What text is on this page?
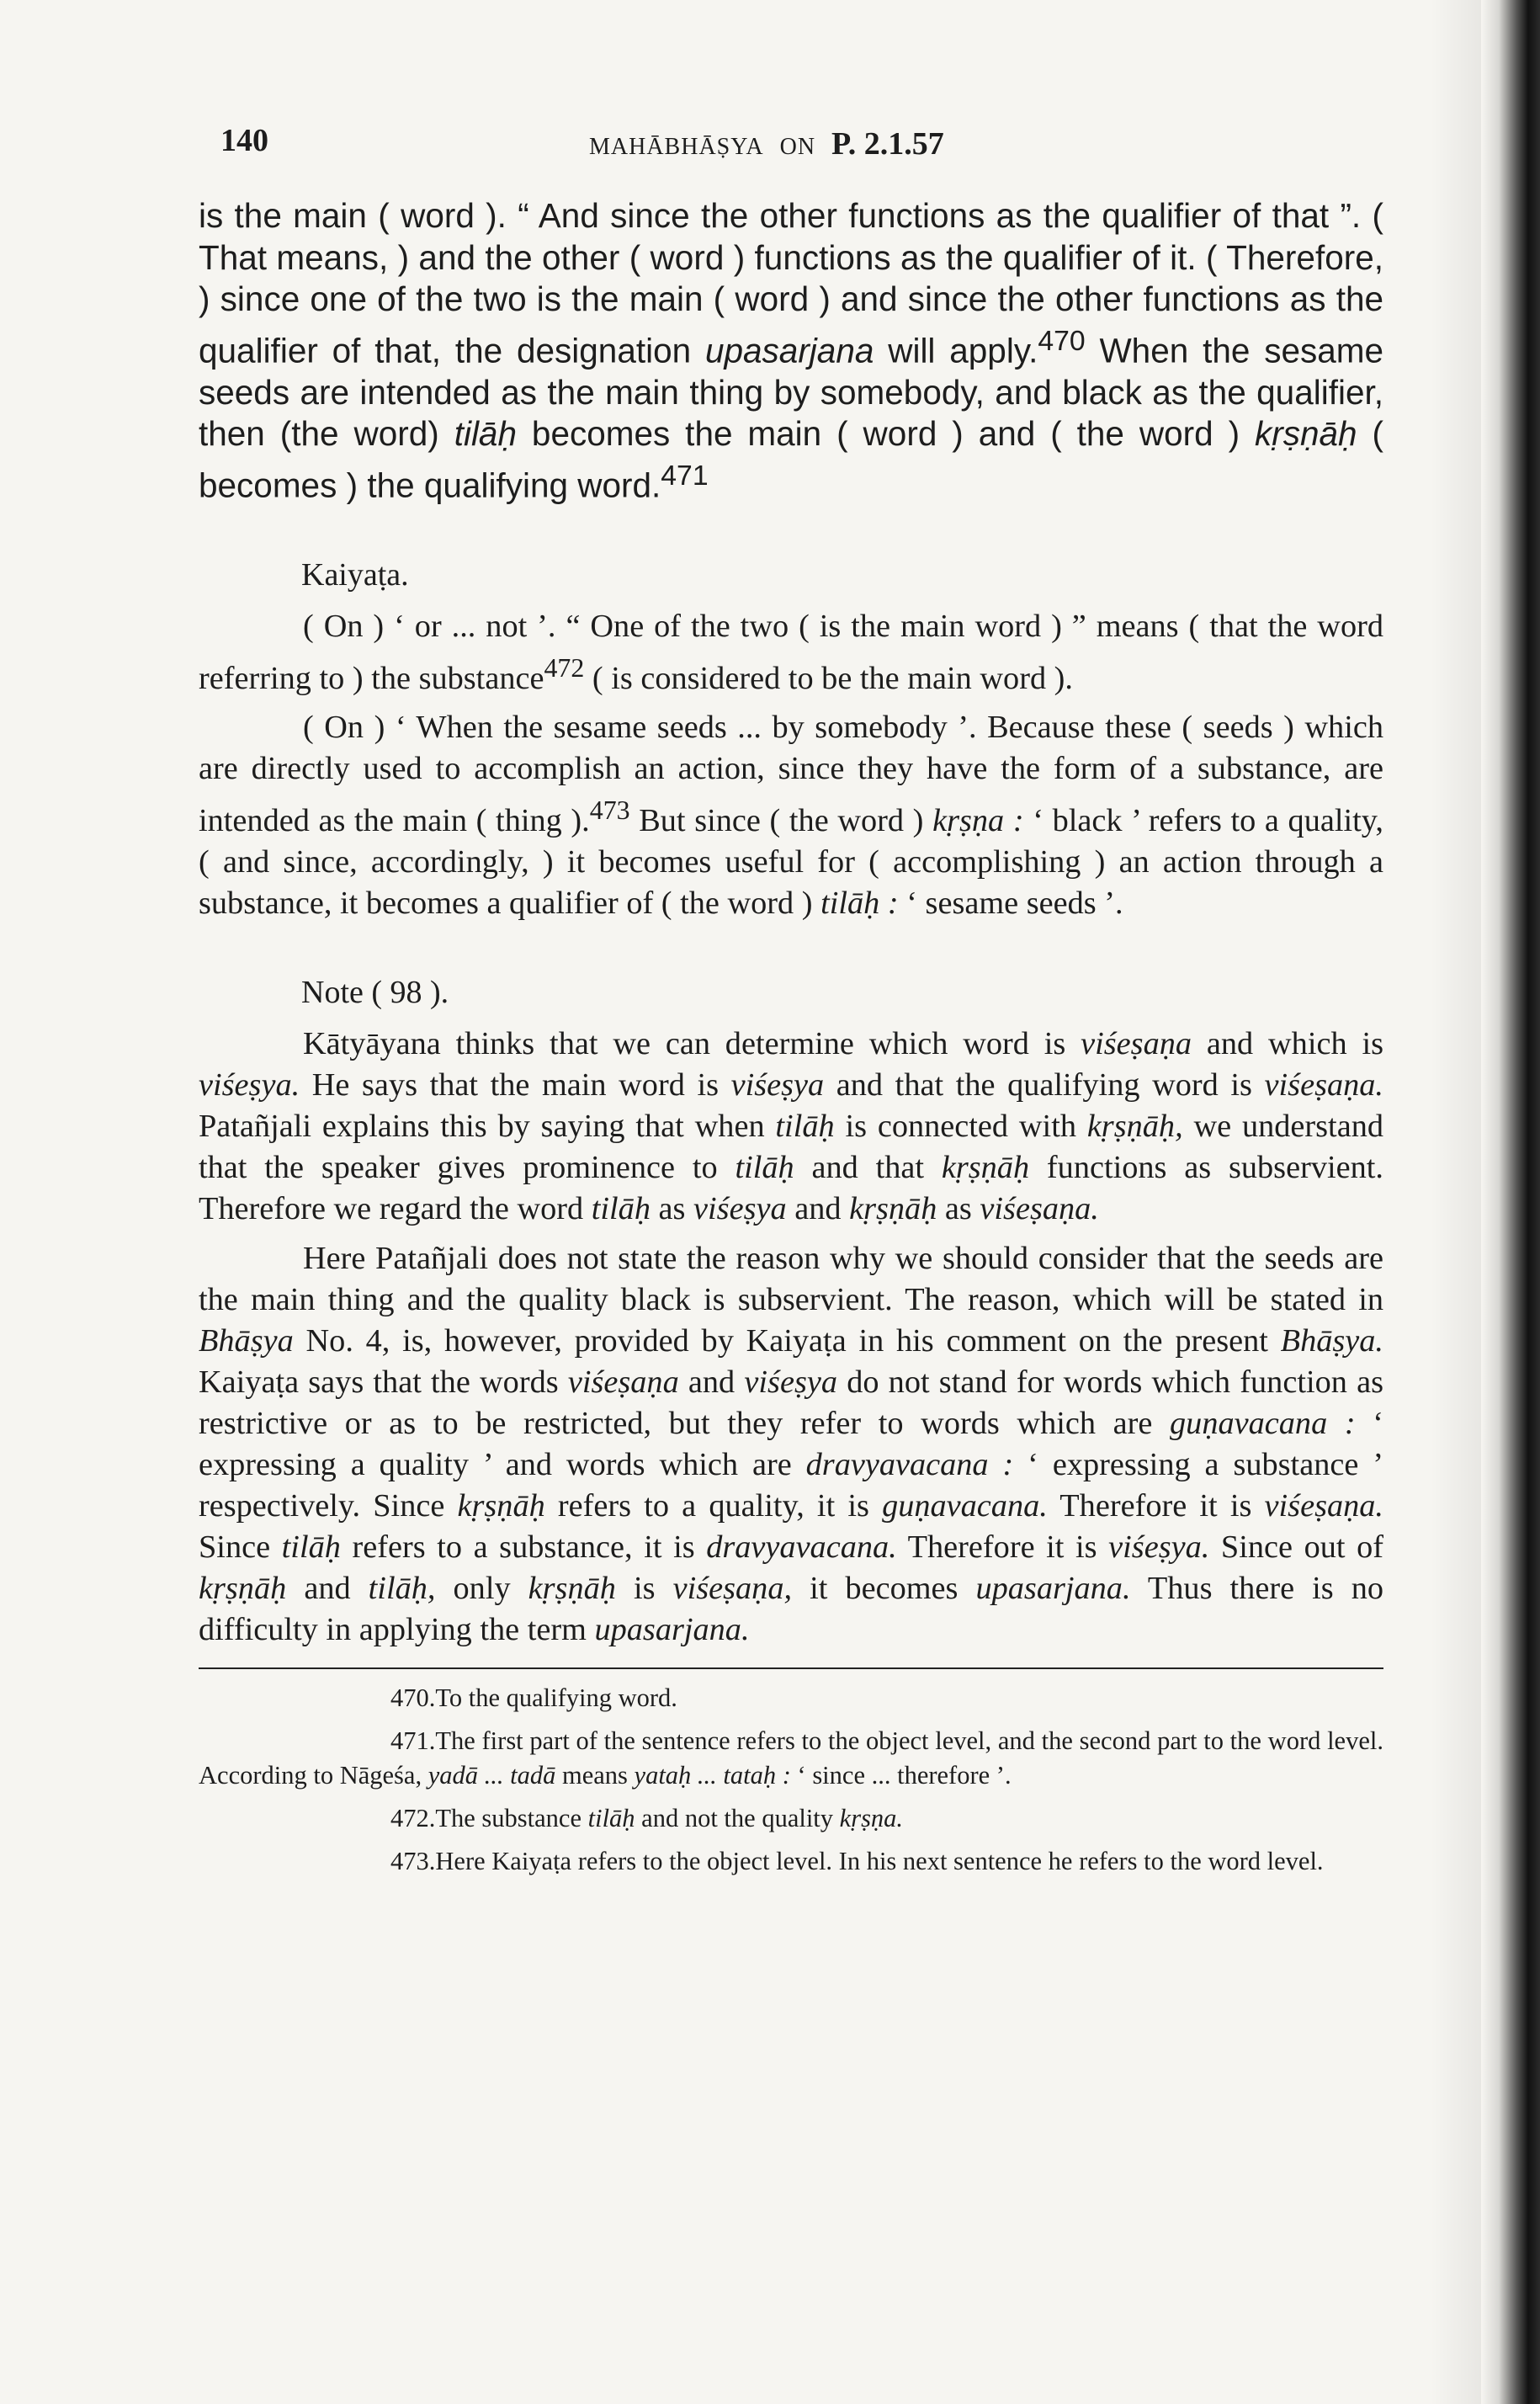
140	MAHĀBHĀṢYA ON P. 2.1.57

is the main ( word ). “ And since the other functions as the qualifier of that ”. ( That means, ) and the other ( word ) functions as the qualifier of it. ( Therefore, ) since one of the two is the main ( word ) and since the other functions as the qualifier of that, the designation upasarjana will apply.$^{470}$ When the sesame seeds are intended as the main thing by somebody, and black as the qualifier, then (the word) tilāḥ becomes the main ( word ) and ( the word ) kṛṣṇāḥ ( becomes ) the qualifying word.$^{471}$

Kaiyaṭa.

( On ) ‘ or ... not ’. “ One of the two ( is the main word ) ” means ( that the word referring to ) the substance$^{472}$ ( is considered to be the main word ).

( On ) ‘ When the sesame seeds ... by somebody ’. Because these ( seeds ) which are directly used to accomplish an action, since they have the form of a substance, are intended as the main ( thing ).$^{473}$ But since ( the word ) kṛṣṇa : ‘ black ’ refers to a quality, ( and since, accordingly, ) it becomes useful for ( accomplishing ) an action through a substance, it becomes a qualifier of ( the word ) tilāḥ : ‘ sesame seeds ’.

Note ( 98 ).

Kātyāyana thinks that we can determine which word is viśeṣaṇa and which is viśeṣya. He says that the main word is viśeṣya and that the qualifying word is viśeṣaṇa. Patañjali explains this by saying that when tilāḥ is connected with kṛṣṇāḥ, we understand that the speaker gives prominence to tilāḥ and that kṛṣṇāḥ functions as subservient. Therefore we regard the word tilāḥ as viśeṣya and kṛṣṇāḥ as viśeṣaṇa.

Here Patañjali does not state the reason why we should consider that the seeds are the main thing and the quality black is subservient. The reason, which will be stated in Bhāṣya No. 4, is, however, provided by Kaiyaṭa in his comment on the present Bhāṣya. Kaiyaṭa says that the words viśeṣaṇa and viśeṣya do not stand for words which function as restrictive or as to be restricted, but they refer to words which are guṇavacana : ‘ expressing a quality ’ and words which are dravyavacana : ‘ expressing a substance ’ respectively. Since kṛṣṇāḥ refers to a quality, it is guṇavacana. Therefore it is viśeṣaṇa. Since tilāḥ refers to a substance, it is dravyavacana. Therefore it is viśeṣya. Since out of kṛṣṇāḥ and tilāḥ, only kṛṣṇāḥ is viśeṣaṇa, it becomes upasarjana. Thus there is no difficulty in applying the term upasarjana.

470.To the qualifying word.

471.The first part of the sentence refers to the object level, and the second part to the word level. According to Nāgeśa, yadā ... tadā means yataḥ ... tataḥ : ‘ since ... therefore ’.

472.The substance tilāḥ and not the quality kṛṣṇa.

473.Here Kaiyaṭa refers to the object level. In his next sentence he refers to the word level.
